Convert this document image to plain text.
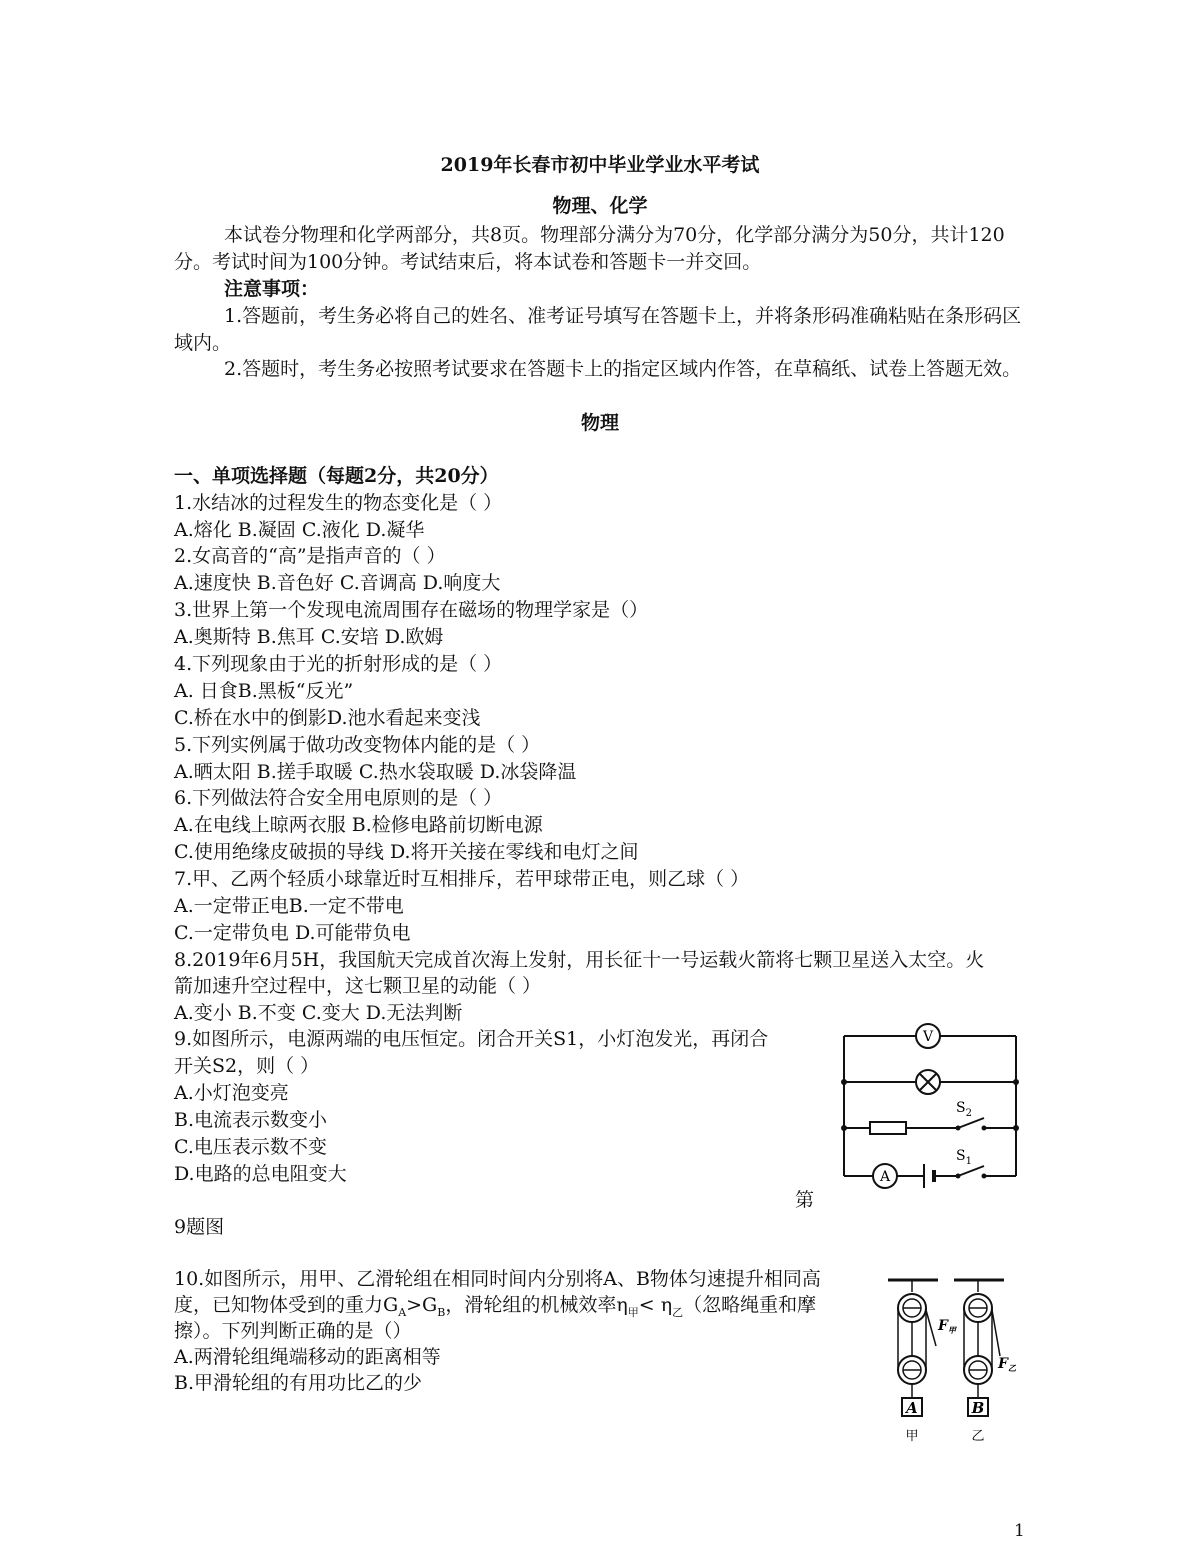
2019年长春市初中毕业学业水平考试
物理、化学
本试卷分物理和化学两部分，共8页。物理部分满分为70分，化学部分满分为50分，共计120分。考试时间为100分钟。考试结束后，将本试卷和答题卡一并交回。
注意事项：
1.答题前，考生务必将自己的姓名、准考证号填写在答题卡上，并将条形码准确粘贴在条形码区域内。
2.答题时，考生务必按照考试要求在答题卡上的指定区域内作答，在草稿纸、试卷上答题无效。
物理
一、单项选择题（每题2分，共20分）
1.水结冰的过程发生的物态变化是（ ）
A.熔化 B.凝固 C.液化 D.凝华
2.女高音的“高”是指声音的（ ）
A.速度快 B.音色好 C.音调高 D.响度大
3.世界上第一个发现电流周围存在磁场的物理学家是（）
A.奥斯特 B.焦耳 C.安培 D.欧姆
4.下列现象由于光的折射形成的是（ ）
A. 日食B.黑板“反光”
C.桥在水中的倒影D.池水看起来变浅
5.下列实例属于做功改变物体内能的是（ ）
A.晒太阳 B.搓手取暖 C.热水袋取暖 D.冰袋降温
6.下列做法符合安全用电原则的是（ ）
A.在电线上晾两衣服 B.检修电路前切断电源
C.使用绝缘皮破损的导线 D.将开关接在零线和电灯之间
7.甲、乙两个轻质小球靠近时互相排斥，若甲球带正电，则乙球（ ）
A.一定带正电B.一定不带电
C.一定带负电 D.可能带负电
8.2019年6月5H，我国航天完成首次海上发射，用长征十一号运载火箭将七颗卫星送入太空。火
箭加速升空过程中，这七颗卫星的动能（ ）
A.变小 B.不变 C.变大 D.无法判断
9.如图所示，电源两端的电压恒定。闭合开关S1，小灯泡发光，再闭合
开关S2，则（ ）
A.小灯泡变亮
B.电流表示数变小
C.电压表示数不变
D.电路的总电阻变大
第
9题图
V
$S_2$
A
$S_1$
10.如图所示，用甲、乙滑轮组在相同时间内分别将A、B物体匀速提升相同高
度，已知物体受到的重力$G_A>G_B$，滑轮组的机械效率$\eta_甲< \eta_乙$（忽略绳重和摩
擦）。下列判断正确的是（）
A.两滑轮组绳端移动的距离相等
B.甲滑轮组的有用功比乙的少
$F_甲$
A
甲
$F_乙$
B
乙
1
